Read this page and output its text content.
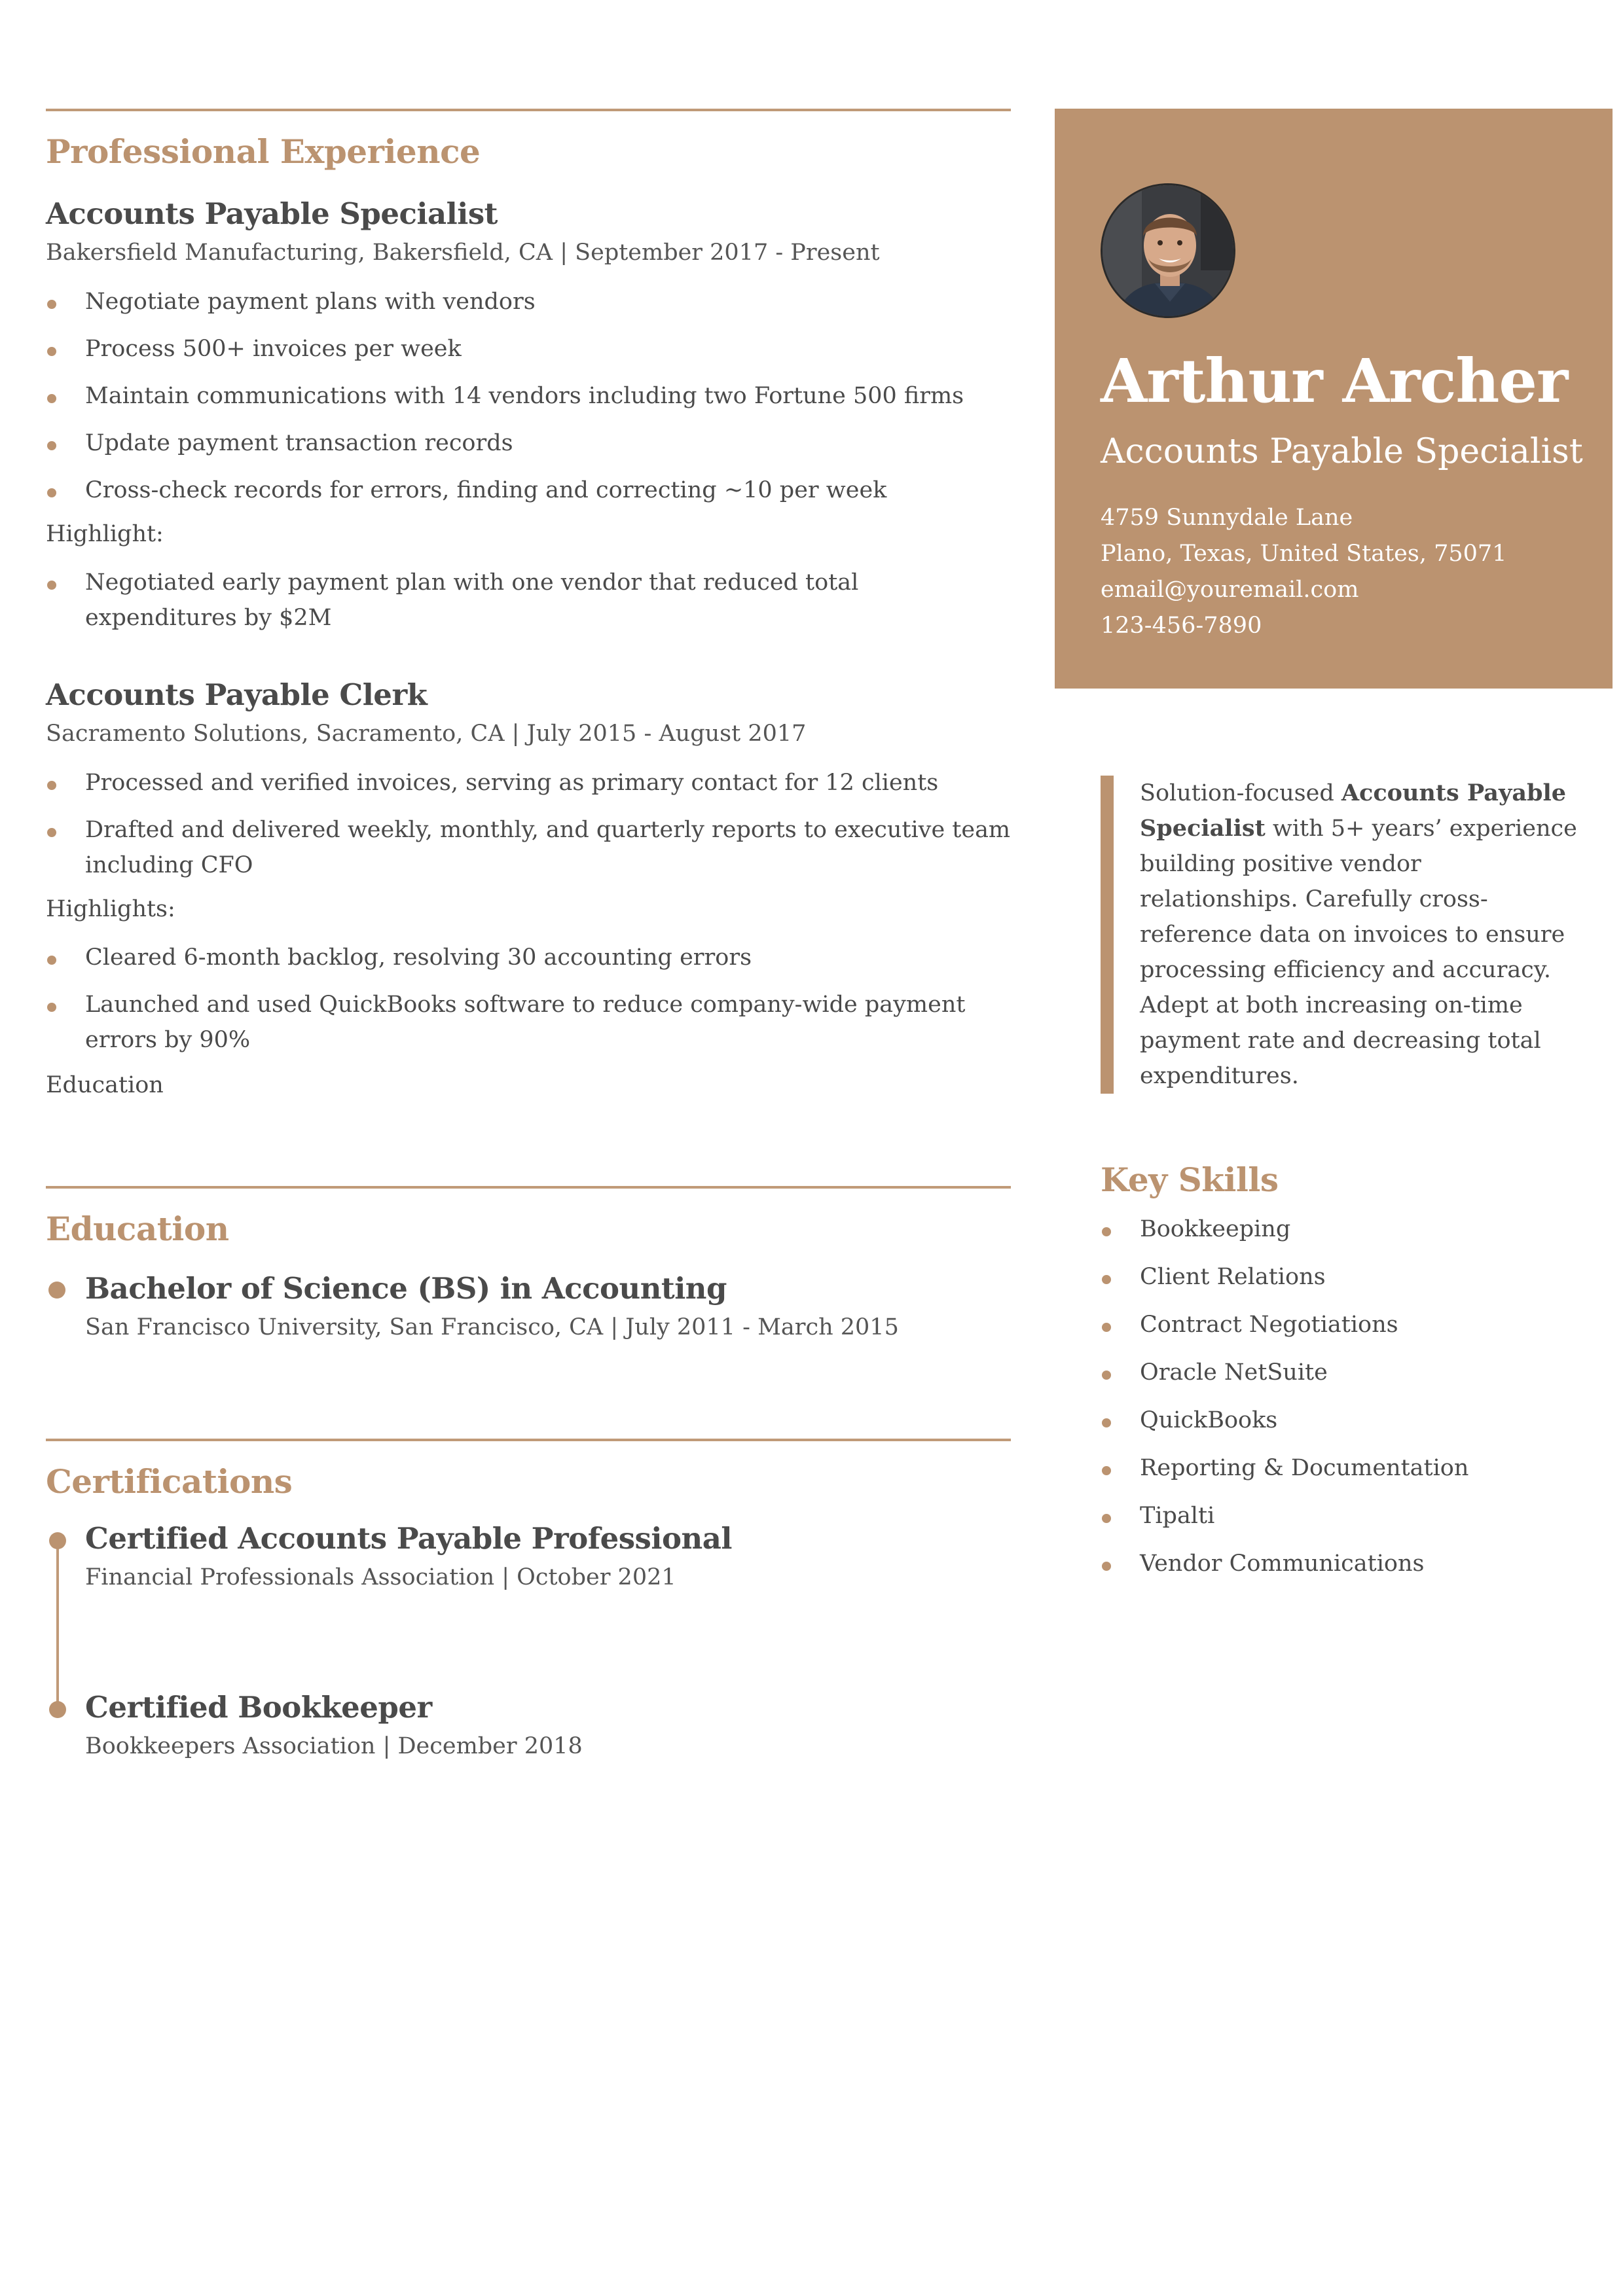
Professional Experience
Accounts Payable Specialist
Bakersfield Manufacturing, Bakersfield, CA | September 2017 - Present
Negotiate payment plans with vendors
Process 500+ invoices per week
Maintain communications with 14 vendors including two Fortune 500 firms
Update payment transaction records
Cross-check records for errors, finding and correcting ~10 per week
Highlight:
Negotiated early payment plan with one vendor that reduced total expenditures by $2M
Accounts Payable Clerk
Sacramento Solutions, Sacramento, CA | July 2015 - August 2017
Processed and verified invoices, serving as primary contact for 12 clients
Drafted and delivered weekly, monthly, and quarterly reports to executive team including CFO
Highlights:
Cleared 6-month backlog, resolving 30 accounting errors
Launched and used QuickBooks software to reduce company-wide payment errors by 90%
Education
Education
Bachelor of Science (BS) in Accounting
San Francisco University, San Francisco, CA | July 2011 - March 2015
Certifications
Certified Accounts Payable Professional
Financial Professionals Association | October 2021
Certified Bookkeeper
Bookkeepers Association | December 2018
Arthur Archer
Accounts Payable Specialist
4759 Sunnydale Lane
Plano, Texas, United States, 75071
email@youremail.com
123-456-7890
Solution-focused Accounts Payable Specialist with 5+ years’ experience building positive vendor relationships. Carefully cross-reference data on invoices to ensure processing efficiency and accuracy. Adept at both increasing on-time payment rate and decreasing total expenditures.
Key Skills
Bookkeeping
Client Relations
Contract Negotiations
Oracle NetSuite
QuickBooks
Reporting & Documentation
Tipalti
Vendor Communications
